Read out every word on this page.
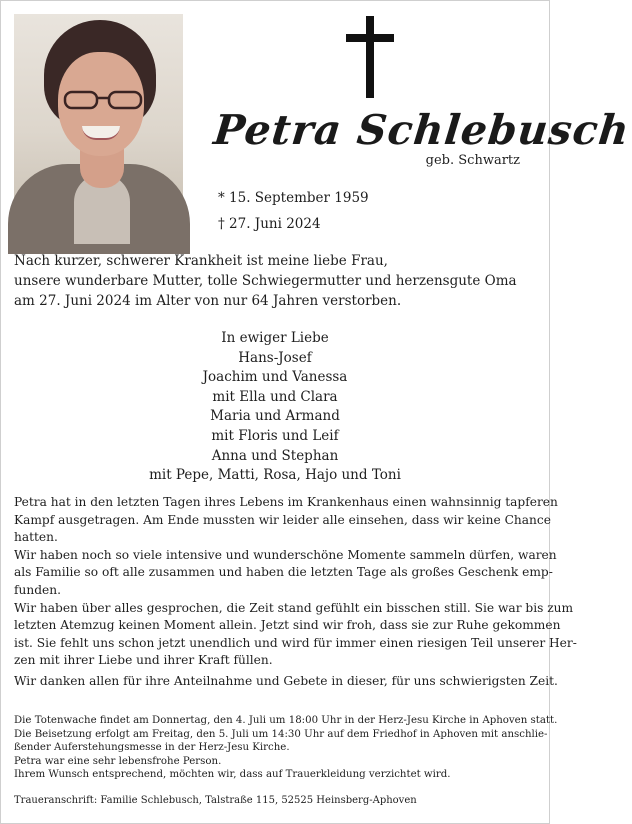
Petra Schlebusch
geb. Schwartz
* 15. September 1959
† 27. Juni 2024
Nach kurzer, schwerer Krankheit ist meine liebe Frau,
unsere wunderbare Mutter, tolle Schwiegermutter und herzensgute Oma
am 27. Juni 2024 im Alter von nur 64 Jahren verstorben.
In ewiger Liebe
Hans-Josef
Joachim und Vanessa
mit Ella und Clara
Maria und Armand
mit Floris und Leif
Anna und Stephan
mit Pepe, Matti, Rosa, Hajo und Toni
Petra hat in den letzten Tagen ihres Lebens im Krankenhaus einen wahnsinnig tapferen
Kampf ausgetragen. Am Ende mussten wir leider alle einsehen, dass wir keine Chance
hatten.
Wir haben noch so viele intensive und wunderschöne Momente sammeln dürfen, waren
als Familie so oft alle zusammen und haben die letzten Tage als großes Geschenk emp-
funden.
Wir haben über alles gesprochen, die Zeit stand gefühlt ein bisschen still. Sie war bis zum
letzten Atemzug keinen Moment allein. Jetzt sind wir froh, dass sie zur Ruhe gekommen
ist. Sie fehlt uns schon jetzt unendlich und wird für immer einen riesigen Teil unserer Her-
zen mit ihrer Liebe und ihrer Kraft füllen.
Wir danken allen für ihre Anteilnahme und Gebete in dieser, für uns schwierigsten Zeit.
Die Totenwache findet am Donnertag, den 4. Juli um 18:00 Uhr in der Herz-Jesu Kirche in Aphoven statt.
Die Beisetzung erfolgt am Freitag, den 5. Juli um 14:30 Uhr auf dem Friedhof in Aphoven mit anschlie-
ßender Auferstehungsmesse in der Herz-Jesu Kirche.
Petra war eine sehr lebensfrohe Person.
Ihrem Wunsch entsprechend, möchten wir, dass auf Trauerkleidung verzichtet wird.
Traueranschrift: Familie Schlebusch, Talstraße 115, 52525 Heinsberg-Aphoven
